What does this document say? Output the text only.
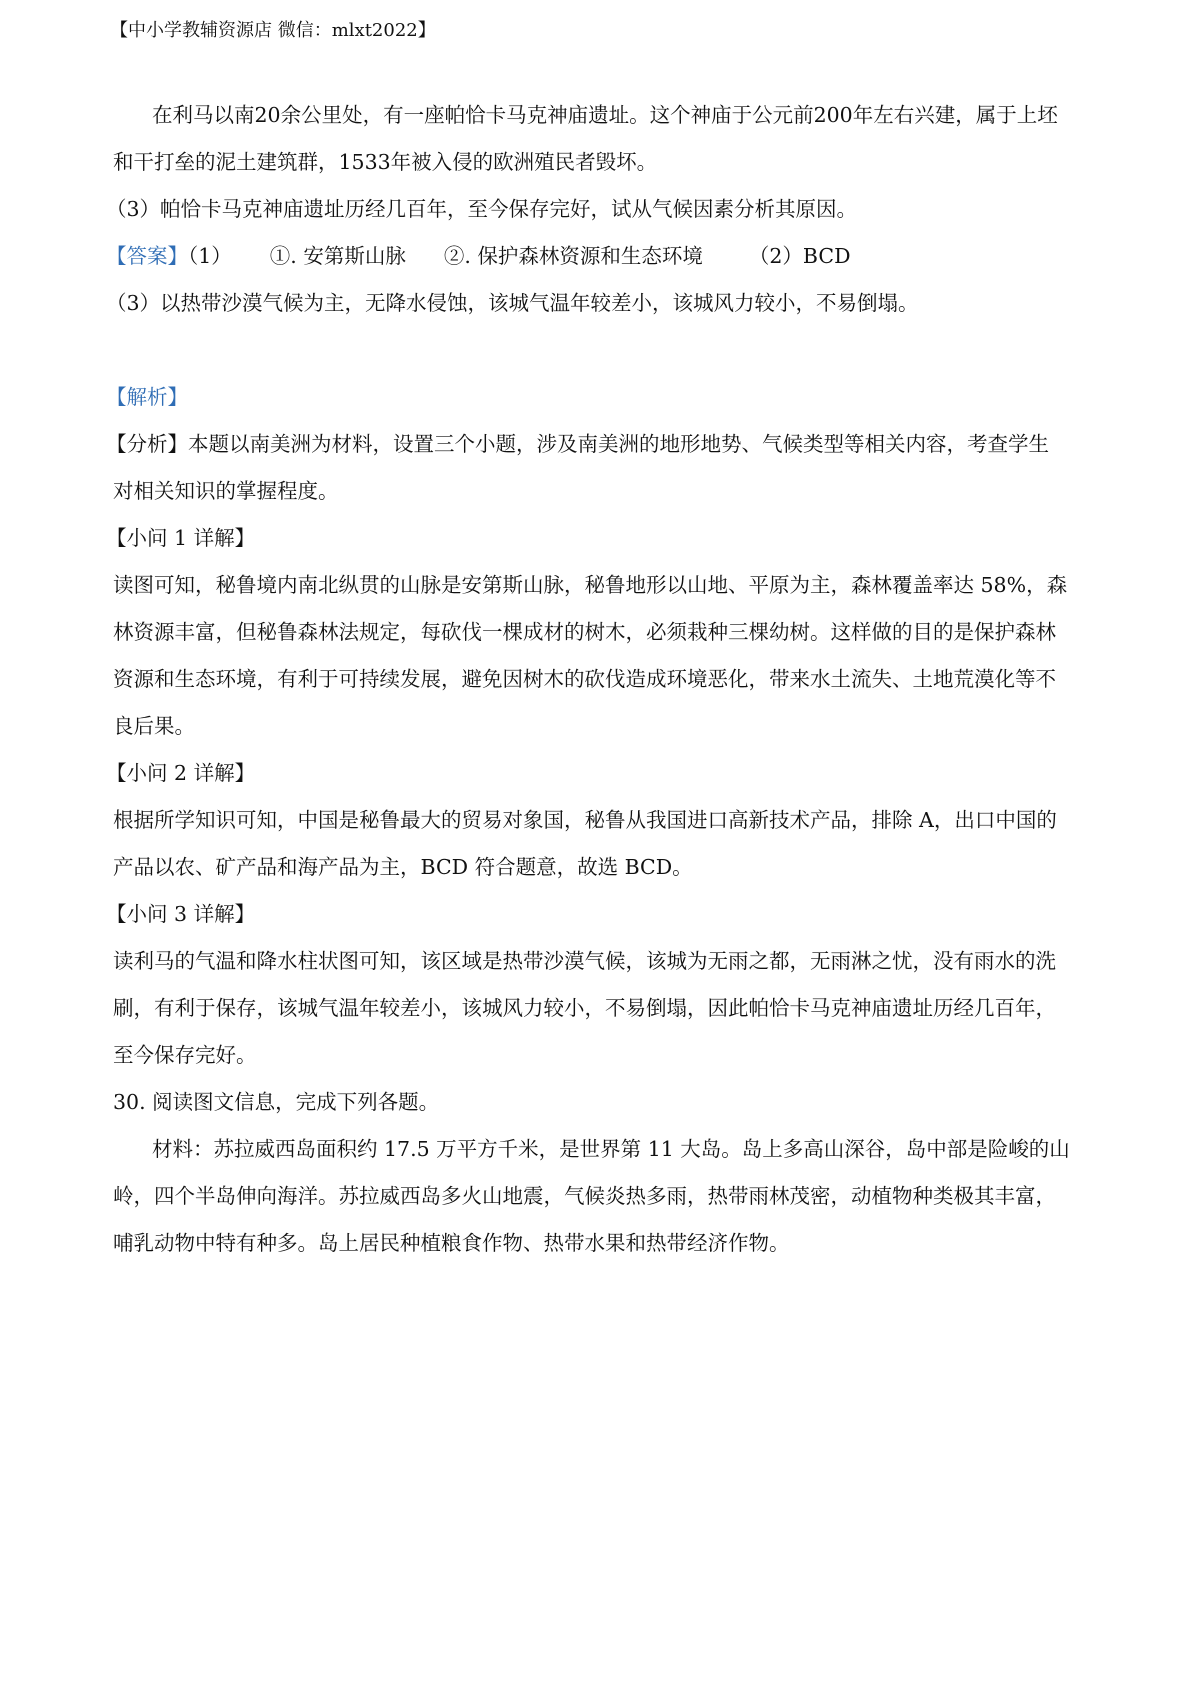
【中小学教辅资源店 微信：mlxt2022】
在利马以南20余公里处，有一座帕恰卡马克神庙遗址。这个神庙于公元前200年左右兴建，属于上坯
和干打垒的泥土建筑群，1533年被入侵的欧洲殖民者毁坏。
（3）帕恰卡马克神庙遗址历经几百年，至今保存完好，试从气候因素分析其原因。
【答案】（1） ①. 安第斯山脉 ②. 保护森林资源和生态环境 （2）BCD
（3）以热带沙漠气候为主，无降水侵蚀，该城气温年较差小，该城风力较小，不易倒塌。
【解析】
【分析】本题以南美洲为材料，设置三个小题，涉及南美洲的地形地势、气候类型等相关内容，考查学生
对相关知识的掌握程度。
【小问 1 详解】
读图可知，秘鲁境内南北纵贯的山脉是安第斯山脉，秘鲁地形以山地、平原为主，森林覆盖率达 58%，森
林资源丰富，但秘鲁森林法规定，每砍伐一棵成材的树木，必须栽种三棵幼树。这样做的目的是保护森林
资源和生态环境，有利于可持续发展，避免因树木的砍伐造成环境恶化，带来水土流失、土地荒漠化等不
良后果。
【小问 2 详解】
根据所学知识可知，中国是秘鲁最大的贸易对象国，秘鲁从我国进口高新技术产品，排除 A，出口中国的
产品以农、矿产品和海产品为主，BCD 符合题意，故选 BCD。
【小问 3 详解】
读利马的气温和降水柱状图可知，该区域是热带沙漠气候，该城为无雨之都，无雨淋之忧，没有雨水的洗
刷，有利于保存，该城气温年较差小，该城风力较小，不易倒塌，因此帕恰卡马克神庙遗址历经几百年，
至今保存完好。
30. 阅读图文信息，完成下列各题。
材料：苏拉威西岛面积约 17.5 万平方千米，是世界第 11 大岛。岛上多高山深谷，岛中部是险峻的山
岭，四个半岛伸向海洋。苏拉威西岛多火山地震，气候炎热多雨，热带雨林茂密，动植物种类极其丰富，
哺乳动物中特有种多。岛上居民种植粮食作物、热带水果和热带经济作物。
